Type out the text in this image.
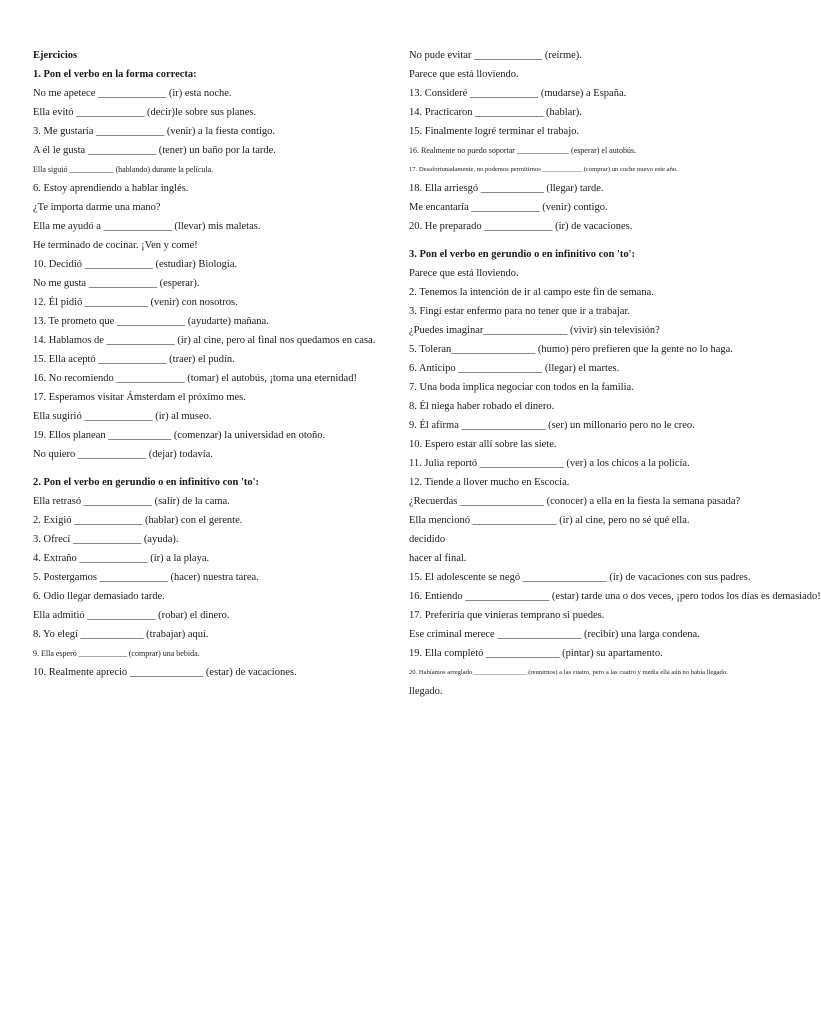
Ejercicios
1. Pon el verbo en la forma correcta:
No me apetece _____________ (ir) esta noche.
Ella evitó _____________ (decir)le sobre sus planes.
3. Me gustaría _____________ (venir) a la fiesta contigo.
A él le gusta _____________ (tener) un baño por la tarde.
Ella siguió ___________ (hablando) durante la película.
6. Estoy aprendiendo a hablar inglés.
¿Te importa darme una mano?
Ella me ayudó a _____________ (llevar) mis maletas.
He terminado de cocinar. ¡Ven y come!
10. Decidió _____________ (estudiar) Biología.
No me gusta _____________ (esperar).
12. Él pidió ____________ (venir) con nosotros.
13. Te prometo que _____________ (ayudarte) mañana.
14. Hablamos de _____________ (ir) al cine, pero al final nos quedamos en casa.
15. Ella aceptó _____________ (traer) el pudín.
16. No recomiendo _____________ (tomar) el autobús, ¡toma una eternidad!
17. Esperamos visitar Ámsterdam el próximo mes.
Ella sugirió _____________ (ir) al museo.
19. Ellos planean ____________ (comenzar) la universidad en otoño.
No quiero _____________ (dejar) todavía.
2. Pon el verbo en gerundio o en infinitivo con 'to':
Ella retrasó _____________ (salir) de la cama.
2. Exigió _____________ (hablar) con el gerente.
3. Ofrecí _____________ (ayuda).
4. Extraño _____________ (ir) a la playa.
5. Postergamos _____________ (hacer) nuestra tarea.
6. Odio llegar demasiado tarde.
Ella admitió _____________ (robar) el dinero.
8. Yo elegí ____________ (trabajar) aquí.
9. Ella esperó ____________ (comprar) una bebida.
10. Realmente aprecio ______________ (estar) de vacaciones.
No pude evitar _____________ (reírme).
Parece que está lloviendo.
13. Consideré _____________ (mudarse) a España.
14. Practicaron _____________ (hablar).
15. Finalmente logré terminar el trabajo.
16. Realmente no puedo soportar _____________ (esperar) el autobús.
17. Desafortunadamente, no podemos permitirnos ____________ (comprar) un coche nuevo este año.
18. Ella arriesgó ____________ (llegar) tarde.
Me encantaría _____________ (venir) contigo.
20. He preparado _____________ (ir) de vacaciones.
3. Pon el verbo en gerundio o en infinitivo con 'to':
Parece que está lloviendo.
2. Tenemos la intención de ir al campo este fin de semana.
3. Fingí estar enfermo para no tener que ir a trabajar.
¿Puedes imaginar________________ (vivir) sin televisión?
5. Toleran________________ (humo) pero prefieren que la gente no lo haga.
6. Anticipo ________________ (llegar) el martes.
7. Una boda implica negociar con todos en la familia.
8. Él niega haber robado el dinero.
9. Él afirma ________________ (ser) un millonario pero no le creo.
10. Espero estar allí sobre las siete.
11. Julia reportó ________________ (ver) a los chicos a la policía.
12. Tiende a llover mucho en Escocia.
¿Recuerdas ________________ (conocer) a ella en la fiesta la semana pasada?
Ella mencionó ________________ (ir) al cine, pero no sé qué ella.
decidido
hacer al final.
15. El adolescente se negó ________________ (ir) de vacaciones con sus padres.
16. Entiendo ________________ (estar) tarde una o dos veces, ¡pero todos los días es demasiado!
17. Preferiría que vinieras temprano si puedes.
Ese criminal merece ________________ (recibir) una larga condena.
19. Ella completó ______________ (pintar) su apartamento.
20. Habíamos arreglado ________________ (reunirnos) a las cuatro, pero a las cuatro y media ella aún no había llegado.
llegado.
